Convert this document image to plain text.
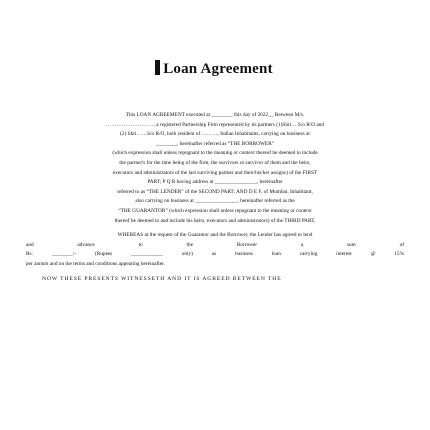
Loan Agreement

This LOAN AGREEMENT executed at ________ this day of 2022__ Between M/s.

………………………, a registered Partnership Firm represented by its partners (1)Shri… S/o R/O and

(2) Shri……S/o R/O, both resident of ………, Indian Inhabitants, carrying on business at

________, hereinafter referred as “THE BORROWER”

(which expression shall unless repugnant to the meaning or context thereof be deemed to include

the partner's for the time being of the firm, the survivors or survivor of them and the heirs,

executors and administrators of the last surviving partner and their/his/her assigns) of the FIRST

PART; P Q R having address at ________________, hereinafter

referred to as “THE LENDER” of the SECOND PART; AND D E F, of Mumbai, Inhabitant,

also carrying on business at ________________, hereinafter referred as the

“THE GUARANTOR” (which expression shall unless repugnant to the meaning or context

thereof be deemed to and include his heirs, executors and administrators) of the THIRD PART,

WHEREAS at the request of the Guarantor and the Borrower, the Lender has agreed to lend

and advance to the Borrower a sum of

Rs. ________/- (Rupees ____________ only) as business loan carrying interest @ 15%

per annum and on the terms and conditions appearing hereinafter.

NOW THESE PRESENTS WITNESSETH AND IT IS AGREED BETWEEN THE
